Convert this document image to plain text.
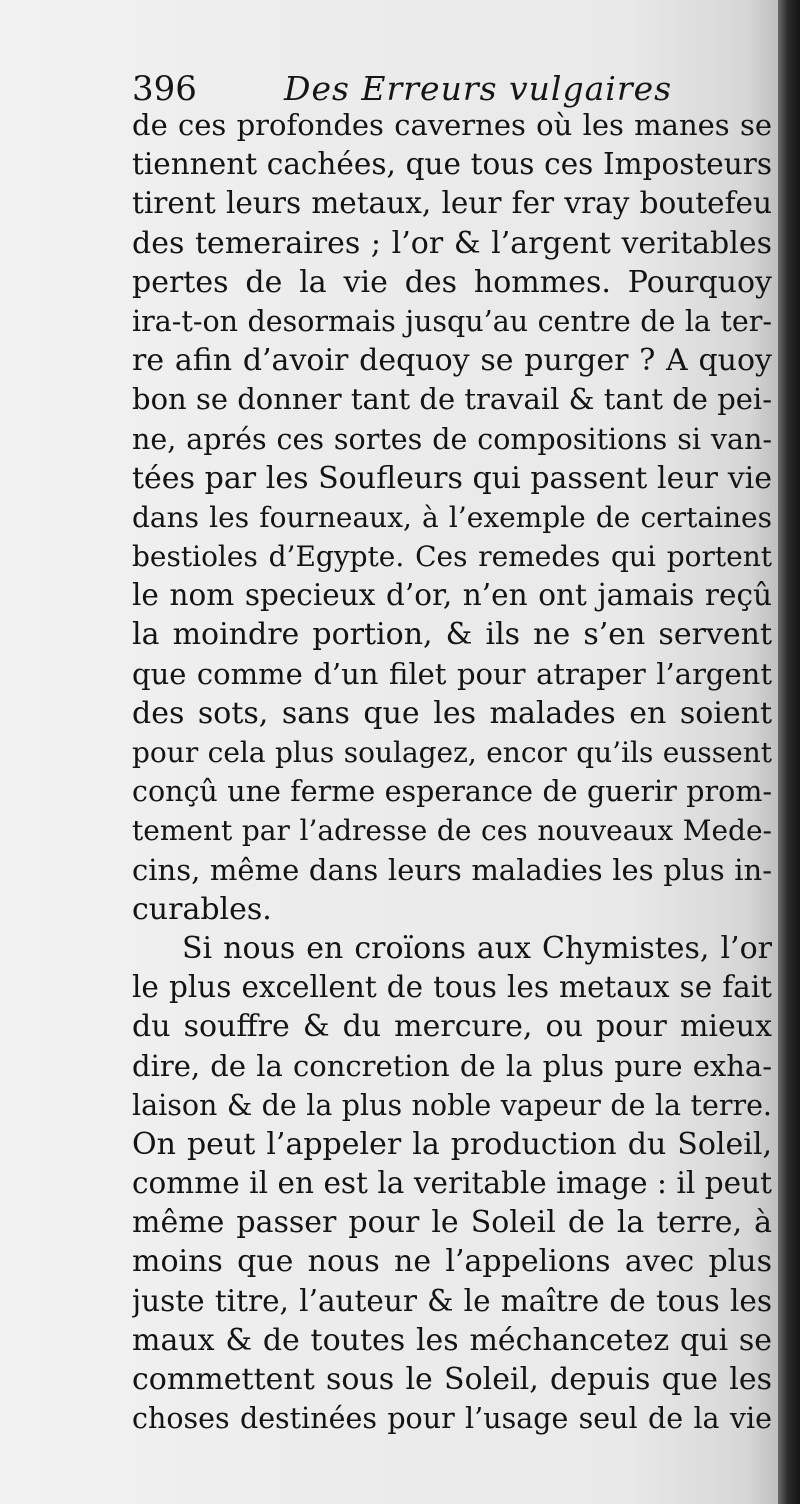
396	Des Erreurs vulgaires
de ces profondes cavernes où les manes se
tiennent cachées, que tous ces Imposteurs
tirent leurs metaux, leur fer vray boutefeu
des temeraires ; l’or & l’argent veritables
pertes de la vie des hommes. Pourquoy
ira-t-on desormais jusqu’au centre de la ter-
re afin d’avoir dequoy se purger ? A quoy
bon se donner tant de travail & tant de pei-
ne, aprés ces sortes de compositions si van-
tées par les Soufleurs qui passent leur vie
dans les fourneaux, à l’exemple de certaines
bestioles d’Egypte. Ces remedes qui portent
le nom specieux d’or, n’en ont jamais reçû
la moindre portion, & ils ne s’en servent
que comme d’un filet pour atraper l’argent
des sots, sans que les malades en soient
pour cela plus soulagez, encor qu’ils eussent
conçû une ferme esperance de guerir prom-
tement par l’adresse de ces nouveaux Mede-
cins, même dans leurs maladies les plus in-
curables.
Si nous en croïons aux Chymistes, l’or
le plus excellent de tous les metaux se fait
du souffre & du mercure, ou pour mieux
dire, de la concretion de la plus pure exha-
laison & de la plus noble vapeur de la terre.
On peut l’appeler la production du Soleil,
comme il en est la veritable image : il peut
même passer pour le Soleil de la terre, à
moins que nous ne l’appelions avec plus
juste titre, l’auteur & le maître de tous les
maux & de toutes les méchancetez qui se
commettent sous le Soleil, depuis que les
choses destinées pour l’usage seul de la vie
